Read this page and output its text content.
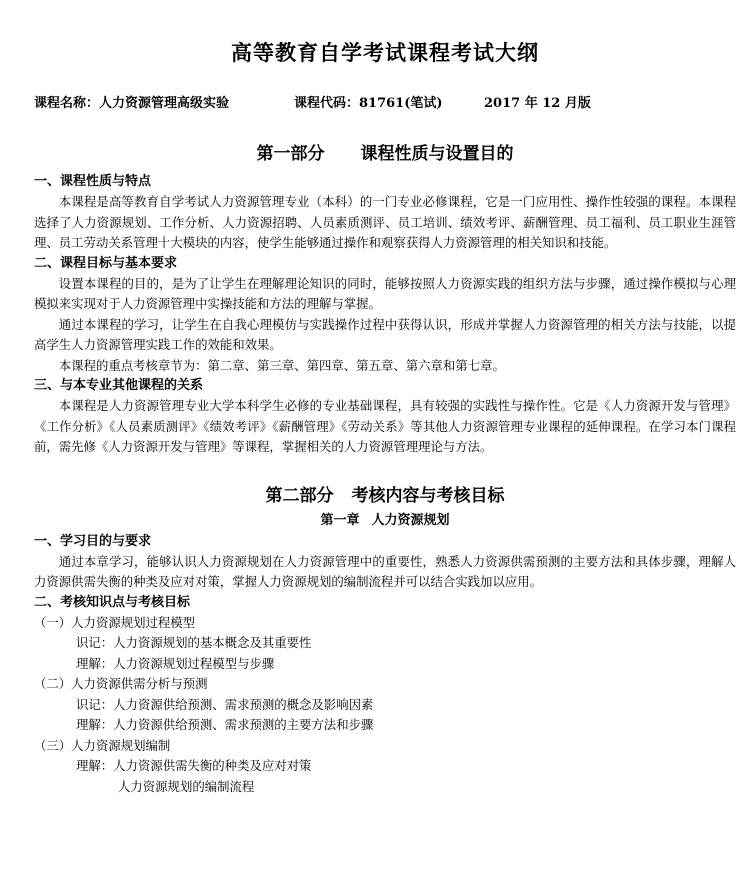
高等教育自学考试课程考试大纲
课程名称：人力资源管理高级实验	课程代码：81761(笔试)	2017 年 12 月版
第一部分 课程性质与设置目的
一、课程性质与特点

本课程是高等教育自学考试人力资源管理专业（本科）的一门专业必修课程，它是一门应用性、操作性较强的课程。本课程选择了人力资源规划、工作分析、人力资源招聘、人员素质测评、员工培训、绩效考评、薪酬管理、员工福利、员工职业生涯管理、员工劳动关系管理十大模块的内容，使学生能够通过操作和观察获得人力资源管理的相关知识和技能。

二、课程目标与基本要求

设置本课程的目的，是为了让学生在理解理论知识的同时，能够按照人力资源实践的组织方法与步骤，通过操作模拟与心理模拟来实现对于人力资源管理中实操技能和方法的理解与掌握。

通过本课程的学习，让学生在自我心理模仿与实践操作过程中获得认识，形成并掌握人力资源管理的相关方法与技能，以提高学生人力资源管理实践工作的效能和效果。

本课程的重点考核章节为：第二章、第三章、第四章、第五章、第六章和第七章。

三、与本专业其他课程的关系

本课程是人力资源管理专业大学本科学生必修的专业基础课程，具有较强的实践性与操作性。它是《人力资源开发与管理》《工作分析》《人员素质测评》《绩效考评》《薪酬管理》《劳动关系》等其他人力资源管理专业课程的延伸课程。在学习本门课程前，需先修《人力资源开发与管理》等课程，掌握相关的人力资源管理理论与方法。

第二部分 考核内容与考核目标
第一章 人力资源规划
一、学习目的与要求

通过本章学习，能够认识人力资源规划在人力资源管理中的重要性，熟悉人力资源供需预测的主要方法和具体步骤，理解人力资源供需失衡的种类及应对对策，掌握人力资源规划的编制流程并可以结合实践加以应用。

二、考核知识点与考核目标
（一）人力资源规划过程模型
识记：人力资源规划的基本概念及其重要性
理解：人力资源规划过程模型与步骤
（二）人力资源供需分析与预测
识记：人力资源供给预测、需求预测的概念及影响因素
理解：人力资源供给预测、需求预测的主要方法和步骤
（三）人力资源规划编制
理解：人力资源供需失衡的种类及应对对策
人力资源规划的编制流程
